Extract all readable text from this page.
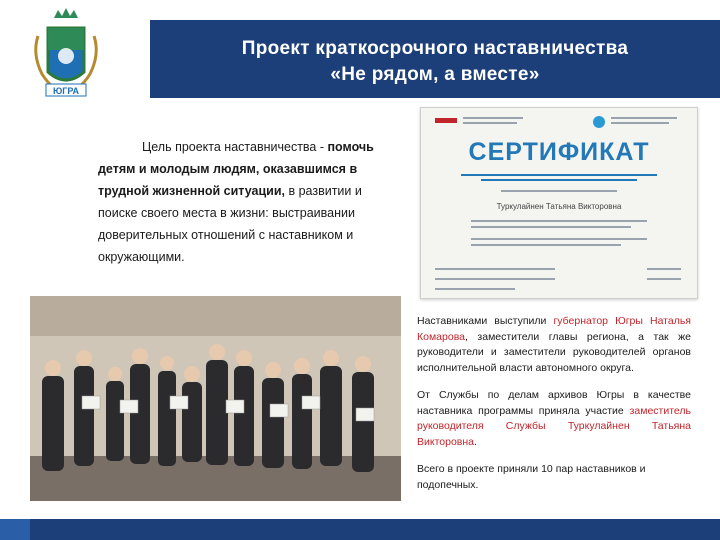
Проект краткосрочного наставничества
«Не рядом, а вместе»
ЮГРА

Цель проекта наставничества - помочь детям и молодым людям, оказавшимся в трудной жизненной ситуации, в развитии и поиске своего места в жизни: выстраивании доверительных отношений с наставником и окружающими.

СЕРТИФИКАТ
Туркулайнен Татьяна Викторовна

Наставниками выступили губернатор Югры Наталья Комарова, заместители главы региона, а так же руководители и заместители руководителей органов исполнительной власти автономного округа.

От Службы по делам архивов Югры в качестве наставника программы приняла участие заместитель руководителя Службы Туркулайнен Татьяна Викторовна.

Всего в проекте приняли 10 пар наставников и подопечных.
